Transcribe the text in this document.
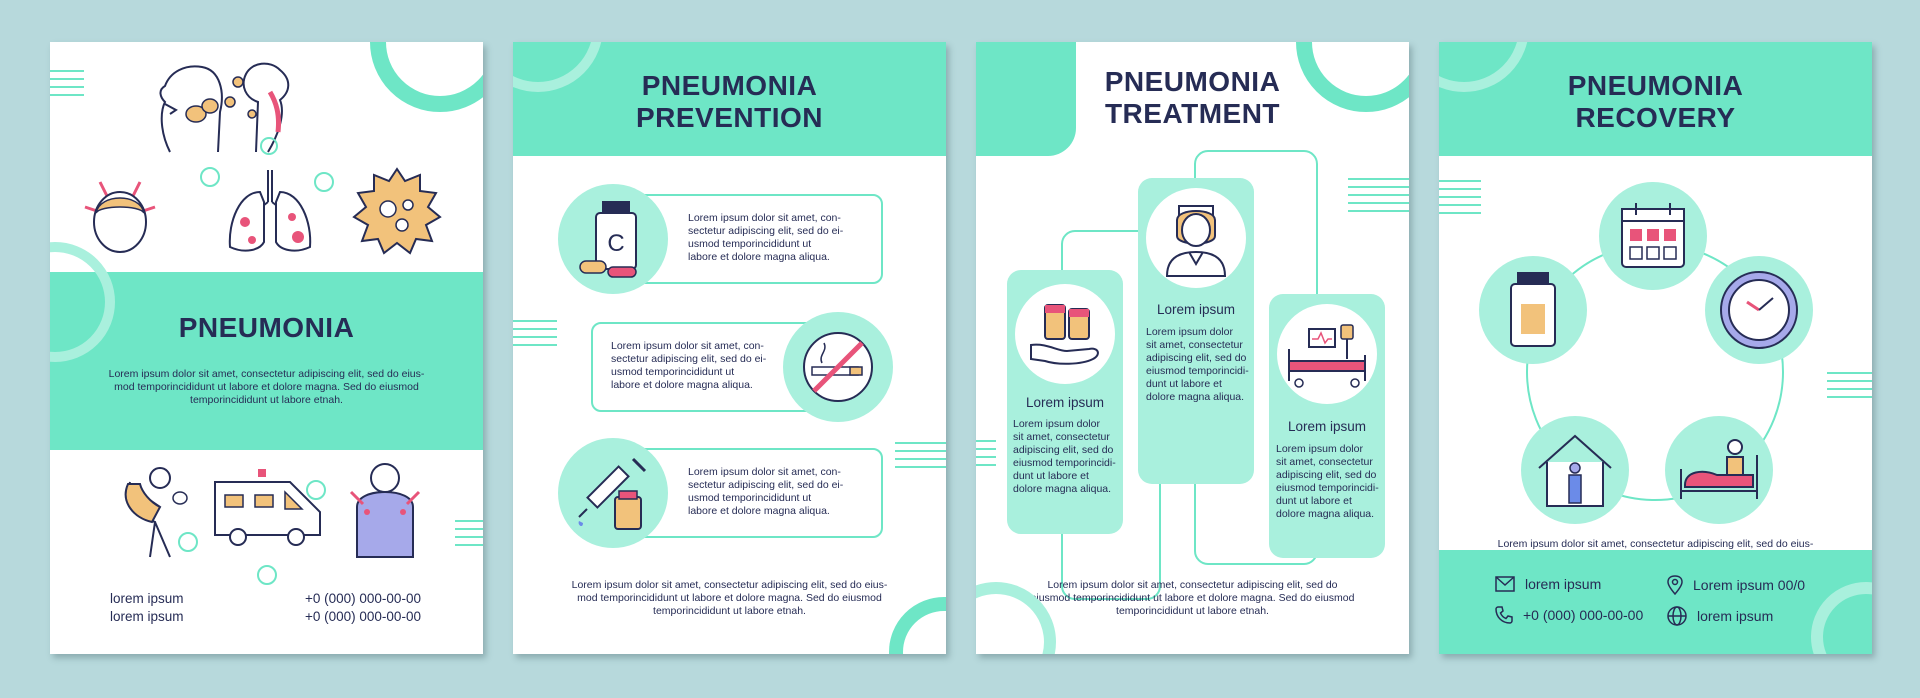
PNEUMONIA
Lorem ipsum dolor sit amet, consectetur adipiscing elit, sed do eius-
mod temporincididunt ut labore et dolore magna. Sed do eiusmod
temporincididunt ut labore etnah.
lorem ipsum
lorem ipsum
+0 (000) 000-00-00
+0 (000) 000-00-00
PNEUMONIA
PREVENTION
C
Lorem ipsum dolor sit amet, con-
sectetur adipiscing elit, sed do ei-
usmod temporincididunt ut
labore et dolore magna aliqua.
Lorem ipsum dolor sit amet, con-
sectetur adipiscing elit, sed do ei-
usmod temporincididunt ut
labore et dolore magna aliqua.
Lorem ipsum dolor sit amet, con-
sectetur adipiscing elit, sed do ei-
usmod temporincididunt ut
labore et dolore magna aliqua.
Lorem ipsum dolor sit amet, consectetur adipiscing elit, sed do eius-
mod temporincididunt ut labore et dolore magna. Sed do eiusmod
temporincididunt ut labore etnah.
PNEUMONIA
TREATMENT
Lorem ipsum
Lorem ipsum dolor
sit amet, consectetur
adipiscing elit, sed do
eiusmod temporincidi-
dunt ut labore et
dolore magna aliqua.
Lorem ipsum
Lorem ipsum dolor
sit amet, consectetur
adipiscing elit, sed do
eiusmod temporincidi-
dunt ut labore et
dolore magna aliqua.
Lorem ipsum
Lorem ipsum dolor
sit amet, consectetur
adipiscing elit, sed do
eiusmod temporincidi-
dunt ut labore et
dolore magna aliqua.
Lorem ipsum dolor sit amet, consectetur adipiscing elit, sed do
eiusmod temporincididunt ut labore et dolore magna. Sed do eiusmod
temporincididunt ut labore etnah.
PNEUMONIA
RECOVERY
Lorem ipsum dolor sit amet, consectetur adipiscing elit, sed do eius-

lorem ipsum	Lorem ipsum 00/0
+0 (000) 000-00-00	lorem ipsum
